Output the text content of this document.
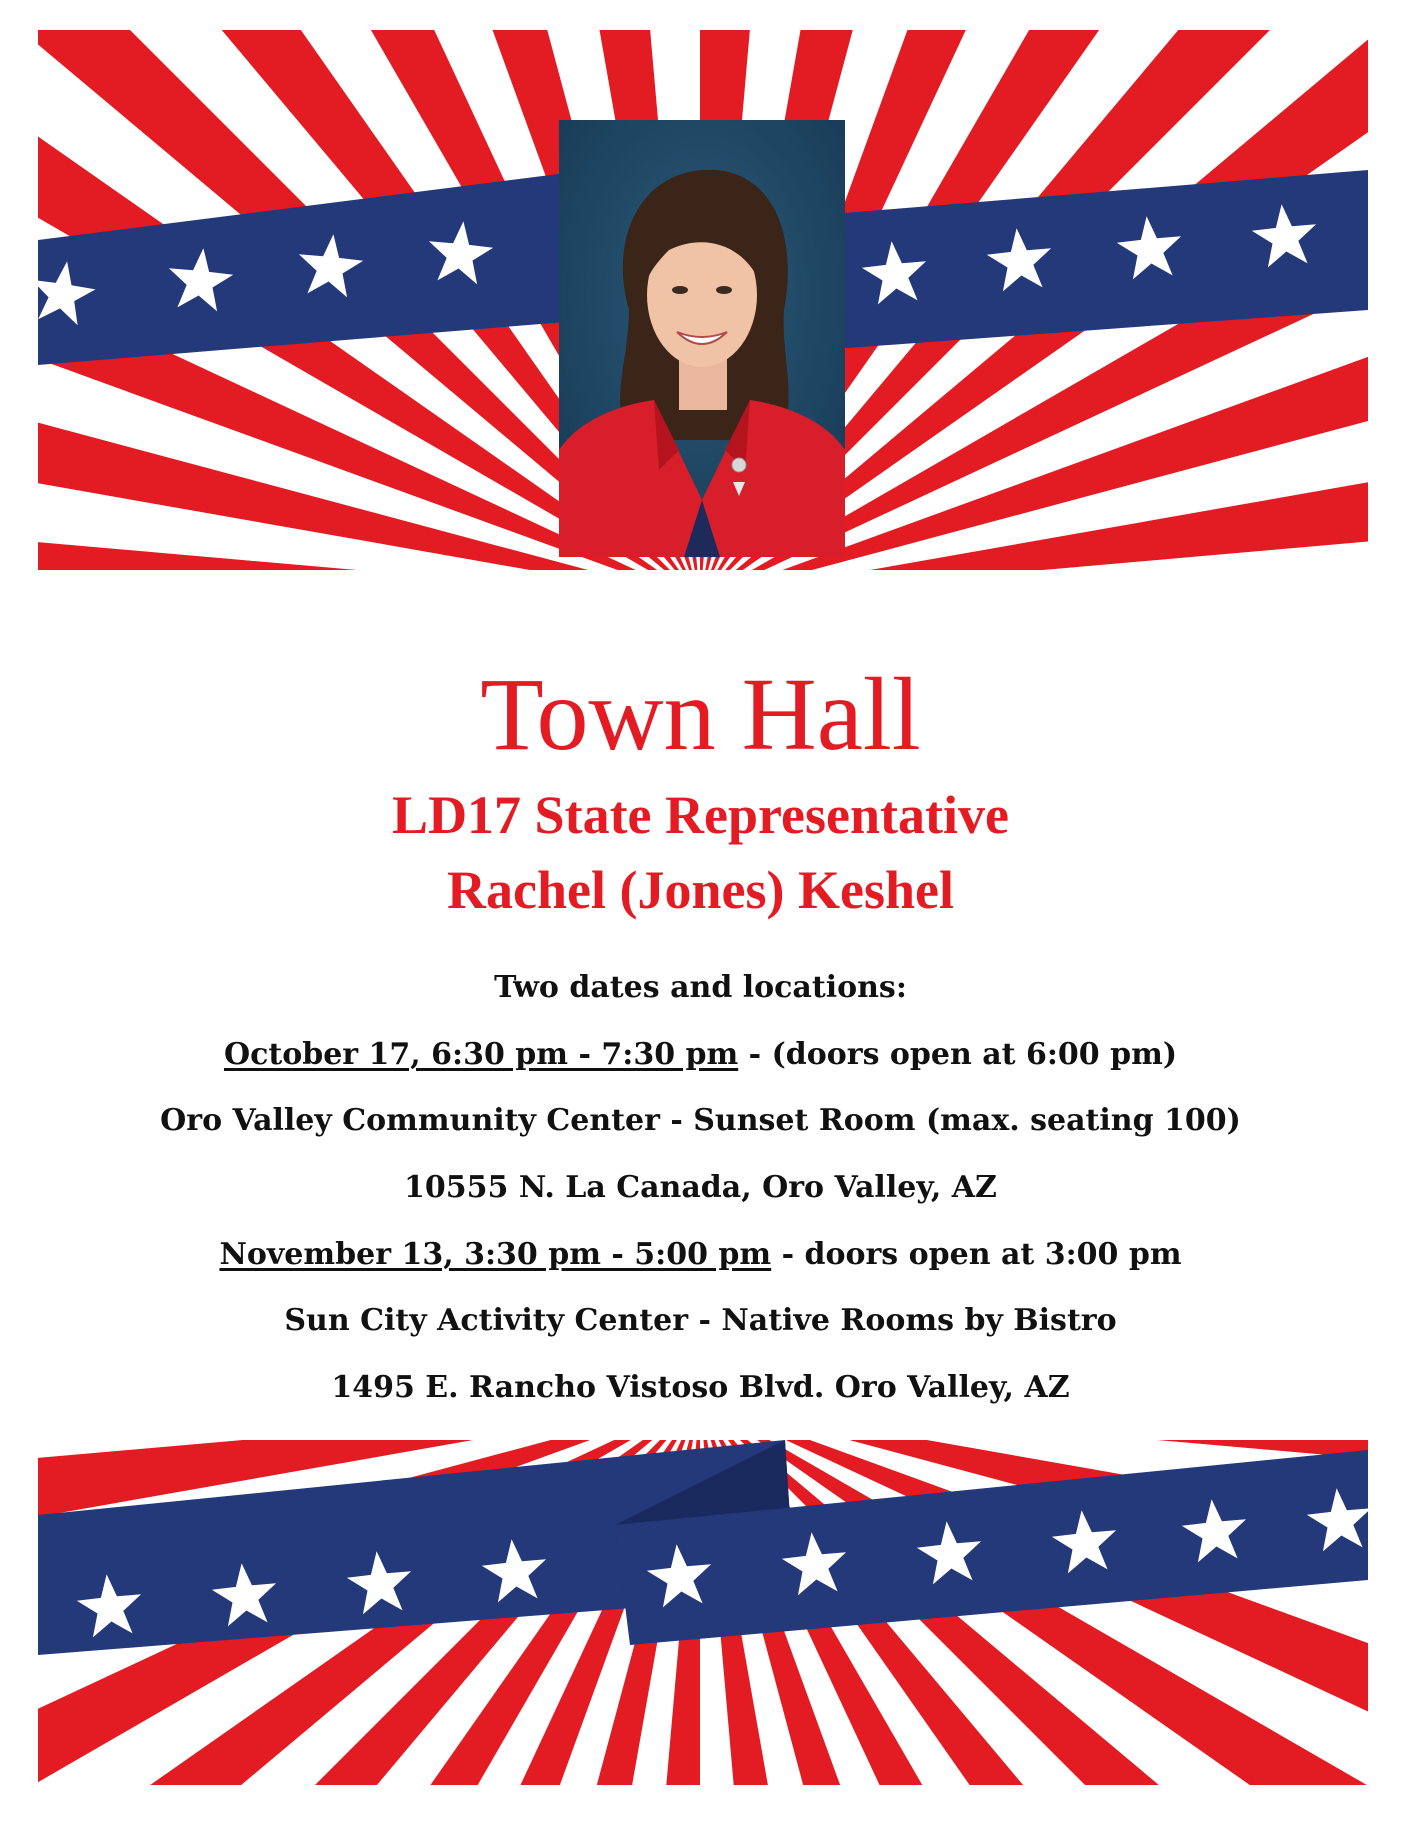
Town Hall
LD17 State Representative
Rachel (Jones) Keshel

Two dates and locations:

October 17, 6:30 pm - 7:30 pm - (doors open at 6:00 pm)

Oro Valley Community Center - Sunset Room (max. seating 100)

10555 N. La Canada, Oro Valley, AZ

November 13, 3:30 pm - 5:00 pm - doors open at 3:00 pm

Sun City Activity Center - Native Rooms by Bistro

1495 E. Rancho Vistoso Blvd. Oro Valley, AZ
